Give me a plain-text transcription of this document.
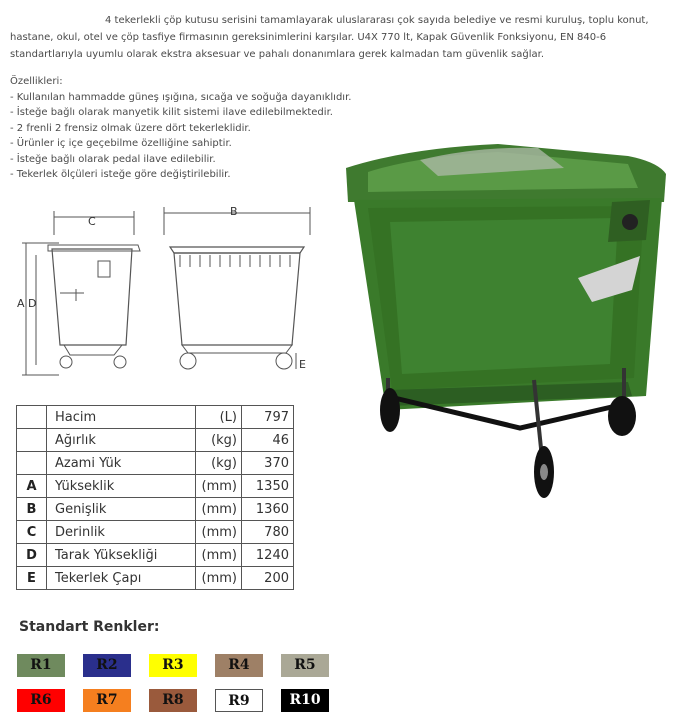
4 tekerlekli çöp kutusu serisini tamamlayarak uluslararası çok sayıda belediye ve resmi kuruluş, toplu konut, hastane, okul, otel ve çöp tasfiye firmasının gereksinimlerini karşılar. U4X 770 lt, Kapak Güvenlik Fonksiyonu, EN 840-6 standartlarıyla uyumlu olarak ekstra aksesuar ve pahalı donanımlara gerek kalmadan tam güvenlik sağlar.
Özellikleri:
- Kullanılan hammadde güneş ışığına, sıcağa ve soğuğa dayanıklıdır.
- İsteğe bağlı olarak manyetik kilit sistemi ilave edilebilmektedir.
- 2 frenli 2 frensiz olmak üzere dört tekerleklidir.
- Ürünler iç içe geçebilme özelliğine sahiptir.
- İsteğe bağlı olarak pedal ilave edilebilir.
- Tekerlek ölçüleri isteğe göre değiştirilebilir.
C
B
A D
E
	Hacim	(L)	797
	Ağırlık	(kg)	46
	Azami Yük	(kg)	370
A	Yükseklik	(mm)	1350
B	Genişlik	(mm)	1360
C	Derinlik	(mm)	780
D	Tarak Yüksekliği	(mm)	1240
E	Tekerlek Çapı	(mm)	200
Standart Renkler:
R1	R2	R3	R4	R5
R6	R7	R8	R9	R10
